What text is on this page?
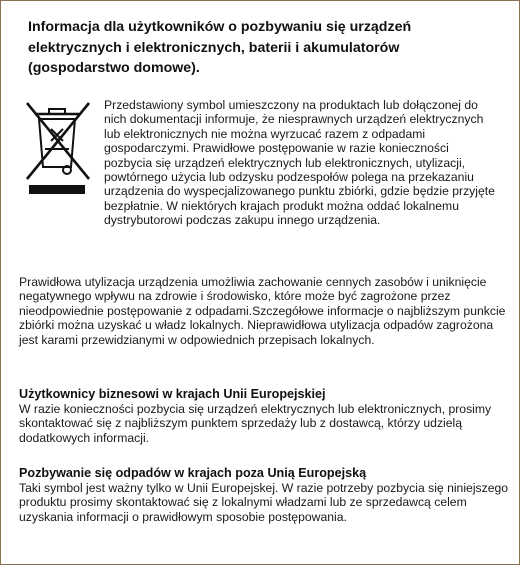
Informacja dla użytkowników o pozbywaniu się urządzeń elektrycznych i elektronicznych, baterii i akumulatorów (gospodarstwo domowe).

Przedstawiony symbol umieszczony na produktach lub dołączonej do nich dokumentacji informuje, że niesprawnych urządzeń elektrycznych lub elektronicznych nie można wyrzucać razem z odpadami gospodarczymi. Prawidłowe postępowanie w razie konieczności pozbycia się urządzeń elektrycznych lub elektronicznych, utylizacji, powtórnego użycia lub odzysku podzespołów polega na przekazaniu urządzenia do wyspecjalizowanego punktu zbiórki, gdzie będzie przyjęte bezpłatnie. W niektórych krajach produkt można oddać lokalnemu dystrybutorowi podczas zakupu innego urządzenia.

Prawidłowa utylizacja urządzenia umożliwia zachowanie cennych zasobów i uniknięcie negatywnego wpływu na zdrowie i środowisko, które może być zagrożone przez nieodpowiednie postępowanie z odpadami.Szczegółowe informacje o najbliższym punkcie zbiórki można uzyskać u władz lokalnych. Nieprawidłowa utylizacja odpadów zagrożona jest karami przewidzianymi w odpowiednich przepisach lokalnych.

Użytkownicy biznesowi w krajach Unii Europejskiej

W razie konieczności pozbycia się urządzeń elektrycznych lub elektronicznych, prosimy skontaktować się z najbliższym punktem sprzedaży lub z dostawcą, którzy udzielą dodatkowych informacji.

Pozbywanie się odpadów w krajach poza Unią Europejską

Taki symbol jest ważny tylko w Unii Europejskej. W razie potrzeby pozbycia się niniejszego produktu prosimy skontaktować się z lokalnymi władzami lub ze sprzedawcą celem uzyskania informacji o prawidłowym sposobie postępowania.
